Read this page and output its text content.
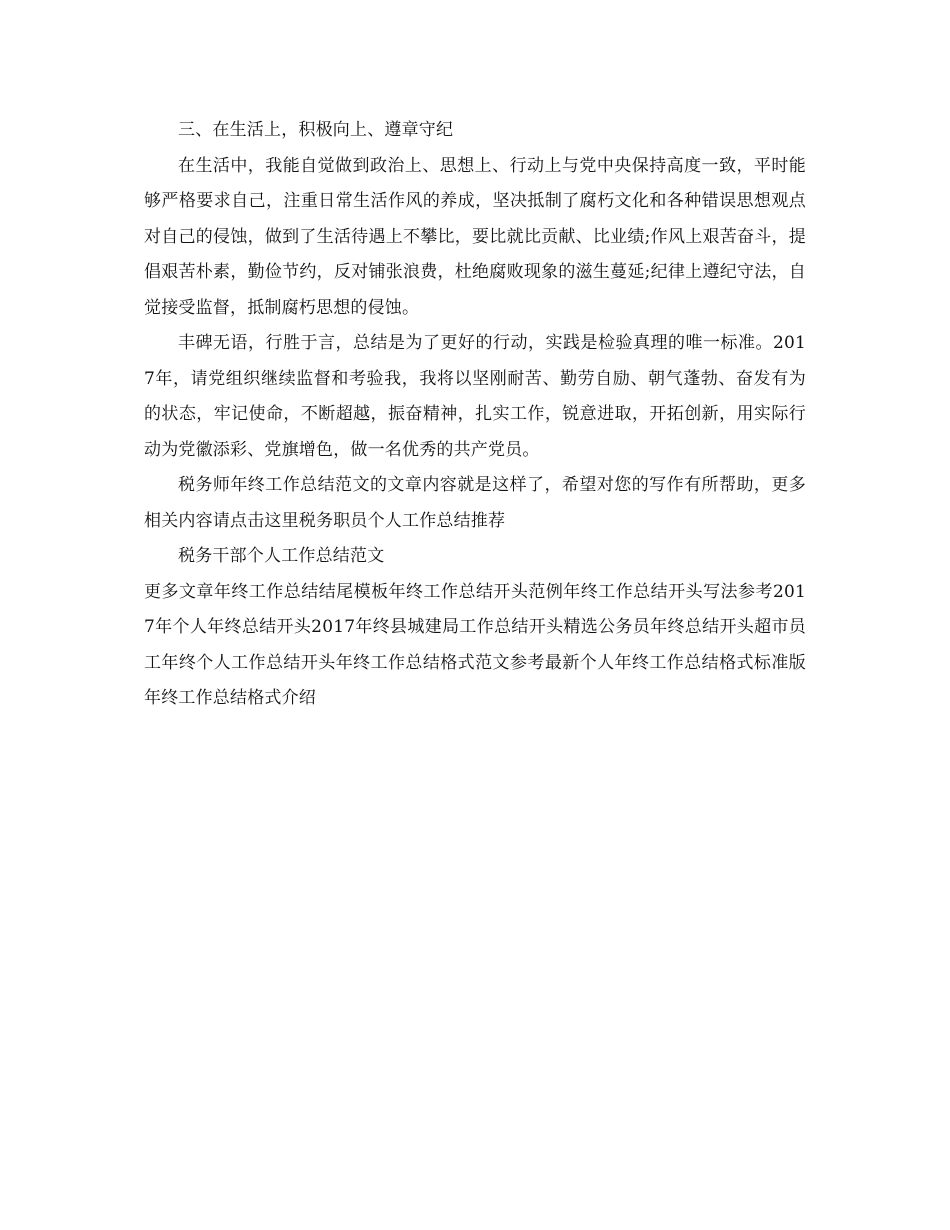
三、在生活上，积极向上、遵章守纪

在生活中，我能自觉做到政治上、思想上、行动上与党中央保持高度一致，平时能够严格要求自己，注重日常生活作风的养成，坚决抵制了腐朽文化和各种错误思想观点对自己的侵蚀，做到了生活待遇上不攀比，要比就比贡献、比业绩;作风上艰苦奋斗，提倡艰苦朴素，勤俭节约，反对铺张浪费，杜绝腐败现象的滋生蔓延;纪律上遵纪守法，自觉接受监督，抵制腐朽思想的侵蚀。

丰碑无语，行胜于言，总结是为了更好的行动，实践是检验真理的唯一标准。2017年，请党组织继续监督和考验我，我将以坚刚耐苦、勤劳自励、朝气蓬勃、奋发有为的状态，牢记使命，不断超越，振奋精神，扎实工作，锐意进取，开拓创新，用实际行动为党徽添彩、党旗增色，做一名优秀的共产党员。

税务师年终工作总结范文的文章内容就是这样了，希望对您的写作有所帮助，更多相关内容请点击这里税务职员个人工作总结推荐

税务干部个人工作总结范文

更多文章年终工作总结结尾模板年终工作总结开头范例年终工作总结开头写法参考2017年个人年终总结开头2017年终县城建局工作总结开头精选公务员年终总结开头超市员工年终个人工作总结开头年终工作总结格式范文参考最新个人年终工作总结格式标准版年终工作总结格式介绍
